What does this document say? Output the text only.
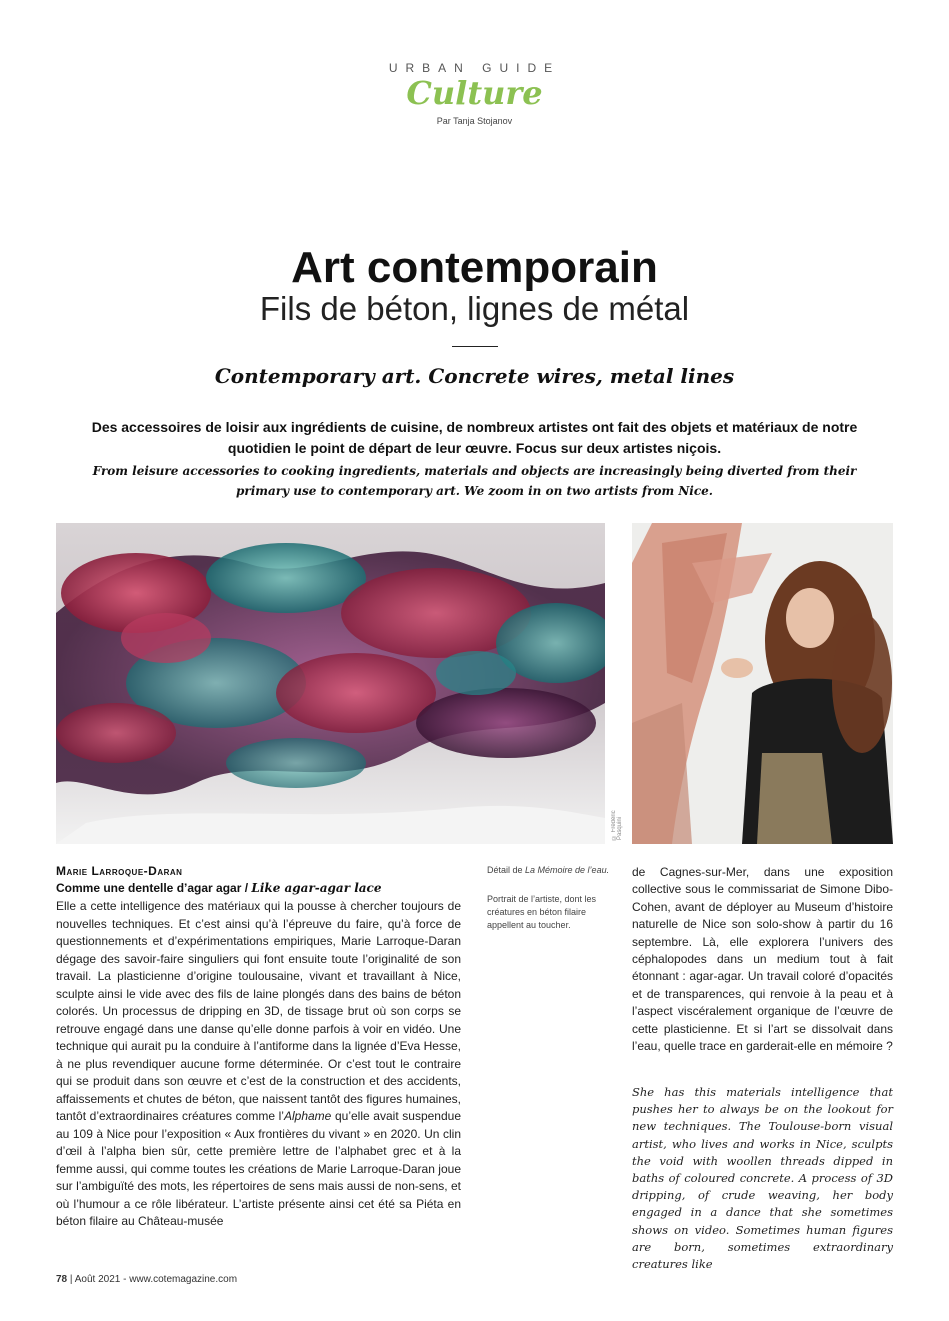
URBAN GUIDE
Culture
Par Tanja Stojanov
Art contemporain
Fils de béton, lignes de métal
Contemporary art. Concrete wires, metal lines
Des accessoires de loisir aux ingrédients de cuisine, de nombreux artistes ont fait des objets et matériaux de notre quotidien le point de départ de leur œuvre. Focus sur deux artistes niçois.
From leisure accessories to cooking ingredients, materials and objects are increasingly being diverted from their primary use to contemporary art. We zoom in on two artists from Nice.
© Frédéric Pasquini
Marie Larroque-Daran
Comme une dentelle d’agar agar / Like agar-agar lace
Elle a cette intelligence des matériaux qui la pousse à chercher toujours de nouvelles techniques. Et c’est ainsi qu’à l’épreuve du faire, qu’à force de questionnements et d’expérimentations empiriques, Marie Larroque-Daran dégage des savoir-faire singuliers qui font ensuite toute l’originalité de son travail. La plasticienne d’origine toulousaine, vivant et travaillant à Nice, sculpte ainsi le vide avec des fils de laine plongés dans des bains de béton colorés. Un processus de dripping en 3D, de tissage brut où son corps se retrouve engagé dans une danse qu’elle donne parfois à voir en vidéo. Une technique qui aurait pu la conduire à l’antiforme dans la lignée d’Eva Hesse, à ne plus revendiquer aucune forme déterminée. Or c’est tout le contraire qui se produit dans son œuvre et c’est de la construction et des accidents, affaissements et chutes de béton, que naissent tantôt des figures humaines, tantôt d’extraordinaires créatures comme l’Alphame qu’elle avait suspendue au 109 à Nice pour l’exposition « Aux frontières du vivant » en 2020. Un clin d’œil à l’alpha bien sûr, cette première lettre de l’alphabet grec et à la femme aussi, qui comme toutes les créations de Marie Larroque-Daran joue sur l’ambiguïté des mots, les répertoires de sens mais aussi de non-sens, et où l’humour a ce rôle libérateur. L’artiste présente ainsi cet été sa Piéta en béton filaire au Château-musée
Détail de La Mémoire de l’eau.
Portrait de l’artiste, dont les créatures en béton filaire appellent au toucher.
de Cagnes-sur-Mer, dans une exposition collective sous le commissariat de Simone Dibo-Cohen, avant de déployer au Museum d’histoire naturelle de Nice son solo-show à partir du 16 septembre. Là, elle explorera l’univers des céphalopodes dans un medium tout à fait étonnant : agar-agar. Un travail coloré d’opacités et de transparences, qui renvoie à la peau et à l’aspect viscéralement organique de l’œuvre de cette plasticienne. Et si l’art se dissolvait dans l’eau, quelle trace en garderait-elle en mémoire ?
She has this materials intelligence that pushes her to always be on the lookout for new techniques. The Toulouse-born visual artist, who lives and works in Nice, sculpts the void with woollen threads dipped in baths of coloured concrete. A process of 3D dripping, of crude weaving, her body engaged in a dance that she sometimes shows on video. Sometimes human figures are born, sometimes extraordinary creatures like
78 | Août 2021 - www.cotemagazine.com
